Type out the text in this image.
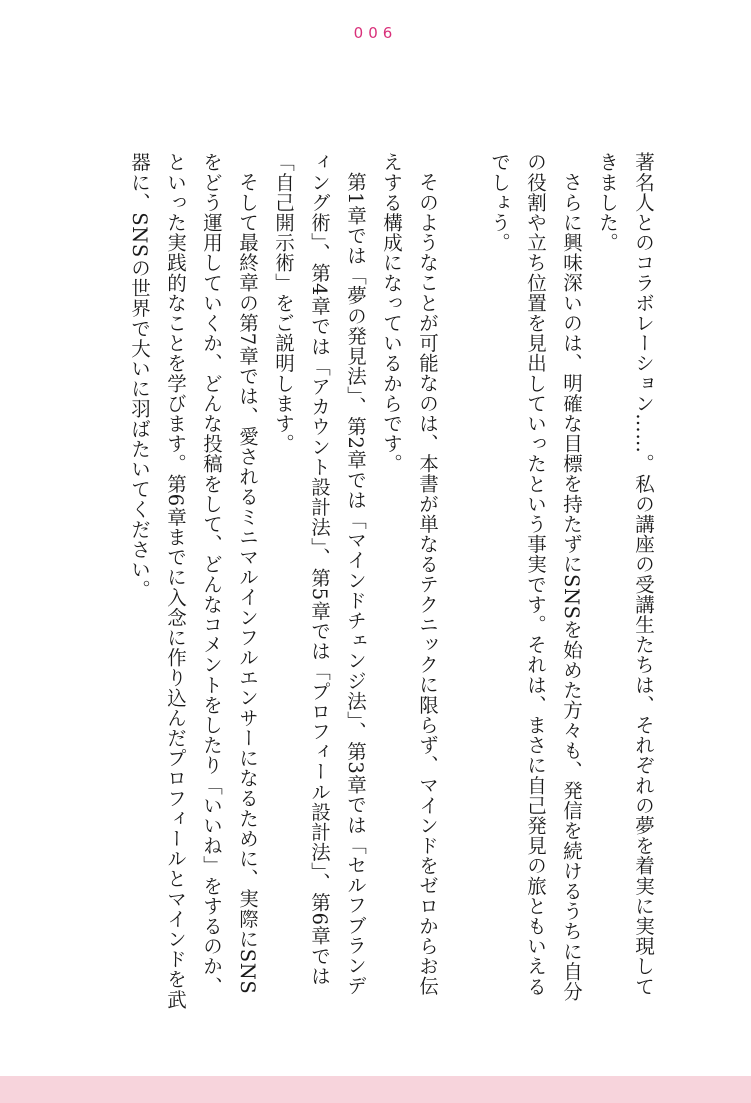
006

著名人とのコラボレーション……。私の講座の受講生たちは、それぞれの夢を着実に実現してきました。

さらに興味深いのは、明確な目標を持たずにSNSを始めた方々も、発信を続けるうちに自分の役割や立ち位置を見出していったという事実です。それは、まさに自己発見の旅ともいえるでしょう。

そのようなことが可能なのは、本書が単なるテクニックに限らず、マインドをゼロからお伝えする構成になっているからです。

第1章では「夢の発見法」、第2章では「マインドチェンジ法」、第3章では「セルフブランディング術」、第4章では「アカウント設計法」、第5章では「プロフィール設計法」、第6章では「自己開示術」をご説明します。

そして最終章の第7章では、愛されるミニマルインフルエンサーになるために、実際にSNSをどう運用していくか、どんな投稿をして、どんなコメントをしたり「いいね」をするのか、といった実践的なことを学びます。第6章までに入念に作り込んだプロフィールとマインドを武器に、SNSの世界で大いに羽ばたいてください。
